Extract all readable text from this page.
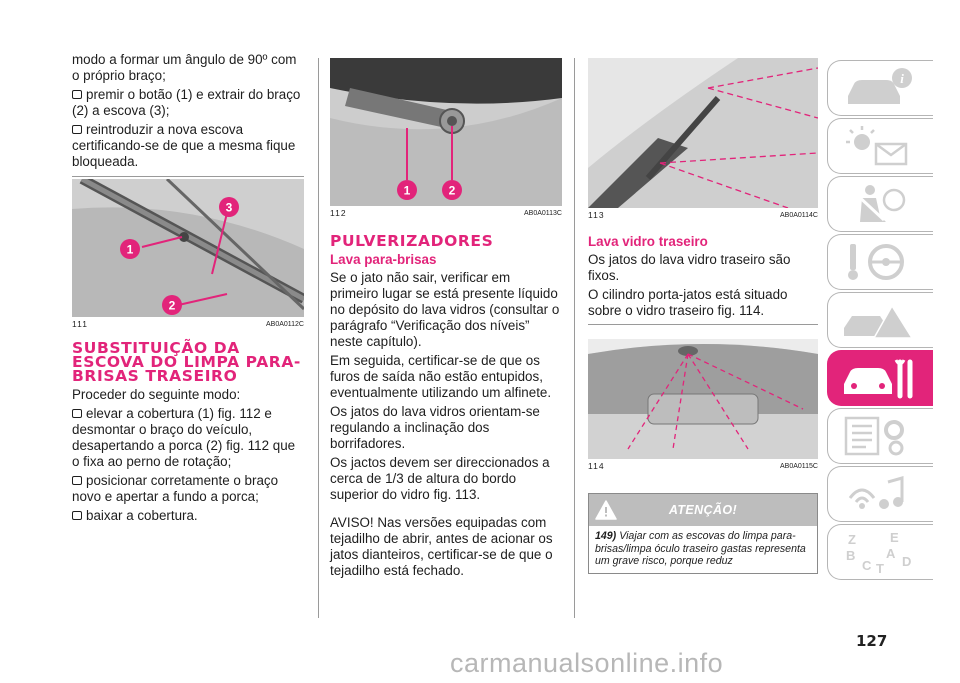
modo a formar um ângulo de 90º com o próprio braço;

premir o botão (1) e extrair do braço (2) a escova (3);

reintroduzir a nova escova certificando-se de que a mesma fique bloqueada.

1
3
2
111	AB0A0112C
SUBSTITUIÇÃO DA ESCOVA DO LIMPA PARA-BRISAS TRASEIRO

Proceder do seguinte modo:

elevar a cobertura (1) fig. 112 e desmontar o braço do veículo, desapertando a porca (2) fig. 112 que o fixa ao perno de rotação;

posicionar corretamente o braço novo e apertar a fundo a porca;

baixar a cobertura.

1	2
112	AB0A0113C
PULVERIZADORES
Lava para-brisas

Se o jato não sair, verificar em primeiro lugar se está presente líquido no depósito do lava vidros (consultar o parágrafo “Verificação dos níveis” neste capítulo).

Em seguida, certificar-se de que os furos de saída não estão entupidos, eventualmente utilizando um alfinete.

Os jatos do lava vidros orientam-se regulando a inclinação dos borrifadores.

Os jactos devem ser direccionados a cerca de 1/3 de altura do bordo superior do vidro fig. 113.

AVISO! Nas versões equipadas com tejadilho de abrir, antes de acionar os jatos dianteiros, certificar-se de que o tejadilho está fechado.

113	AB0A0114C
Lava vidro traseiro

Os jatos do lava vidro traseiro são fixos.

O cilindro porta-jatos está situado sobre o vidro traseiro fig. 114.

114	AB0A0115C
ATENÇÃO!
149) Viajar com as escovas do limpa para-brisas/limpa óculo traseiro gastas representa um grave risco, porque reduz
i
Z	E
B A
C D
T
127
carmanualsonline.info
